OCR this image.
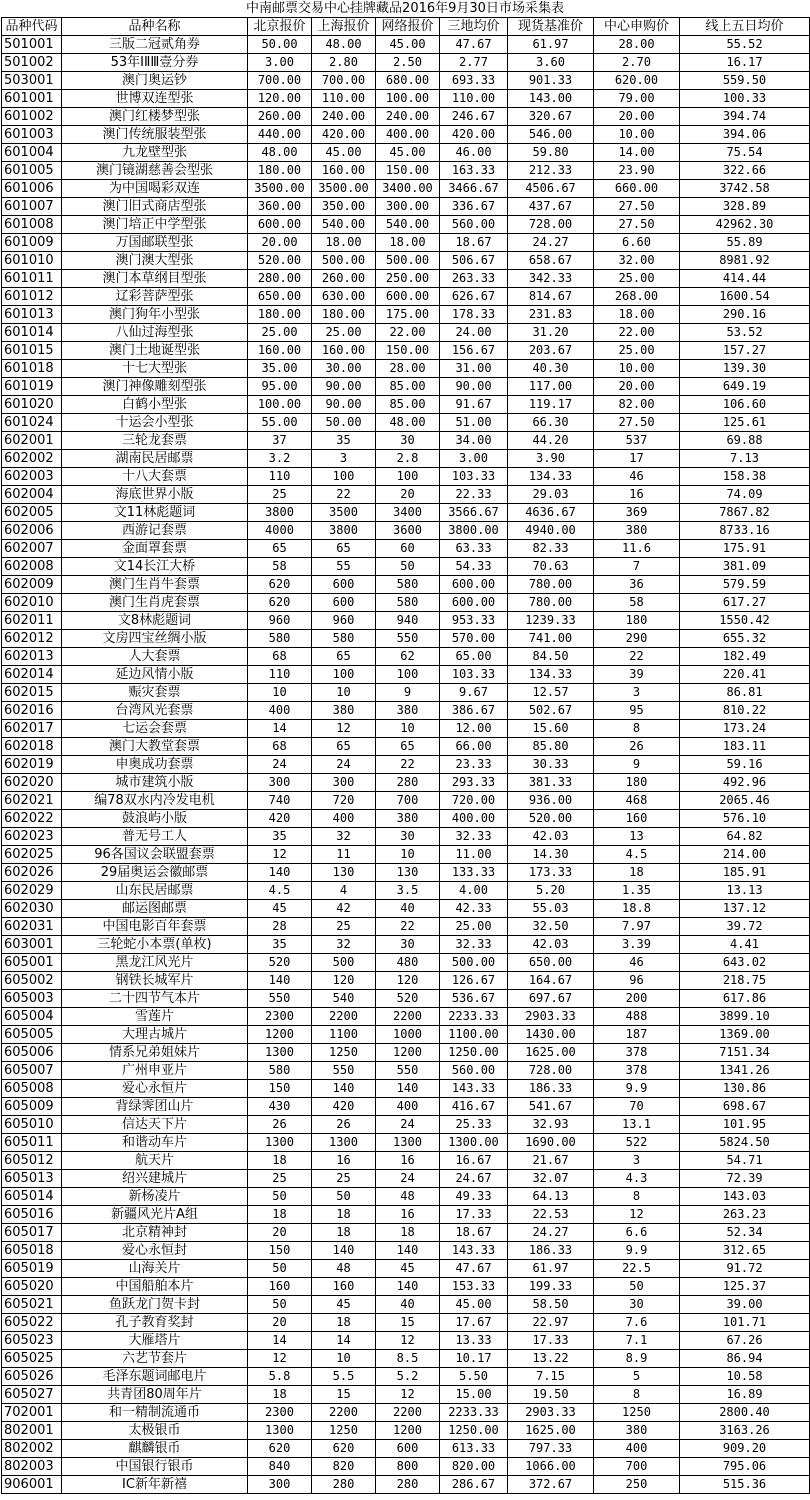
中南邮票交易中心挂牌藏品2016年9月30日市场采集表
品种代码	品种名称	北京报价	上海报价	网络报价	三地均价	现货基准价	中心申购价	线上五日均价
501001	三版二冠贰角券	50.00	48.00	45.00	47.67	61.97	28.00	55.52
501002	53年ⅠⅡⅢ壹分券	3.00	2.80	2.50	2.77	3.60	2.70	16.17
503001	澳门奥运钞	700.00	700.00	680.00	693.33	901.33	620.00	559.50
601001	世博双连型张	120.00	110.00	100.00	110.00	143.00	79.00	100.33
601002	澳门红楼梦型张	260.00	240.00	240.00	246.67	320.67	20.00	394.74
601003	澳门传统服装型张	440.00	420.00	400.00	420.00	546.00	10.00	394.06
601004	九龙壁型张	48.00	45.00	45.00	46.00	59.80	14.00	75.54
601005	澳门镜湖慈善会型张	180.00	160.00	150.00	163.33	212.33	23.90	322.66
601006	为中国喝彩双连	3500.00	3500.00	3400.00	3466.67	4506.67	660.00	3742.58
601007	澳门旧式商店型张	360.00	350.00	300.00	336.67	437.67	27.50	328.89
601008	澳门培正中学型张	600.00	540.00	540.00	560.00	728.00	27.50	42962.30
601009	万国邮联型张	20.00	18.00	18.00	18.67	24.27	6.60	55.89
601010	澳门澳大型张	520.00	500.00	500.00	506.67	658.67	32.00	8981.92
601011	澳门本草纲目型张	280.00	260.00	250.00	263.33	342.33	25.00	414.44
601012	辽彩菩萨型张	650.00	630.00	600.00	626.67	814.67	268.00	1600.54
601013	澳门狗年小型张	180.00	180.00	175.00	178.33	231.83	18.00	290.16
601014	八仙过海型张	25.00	25.00	22.00	24.00	31.20	22.00	53.52
601015	澳门土地诞型张	160.00	160.00	150.00	156.67	203.67	25.00	157.27
601018	十七大型张	35.00	30.00	28.00	31.00	40.30	10.00	139.30
601019	澳门神像雕刻型张	95.00	90.00	85.00	90.00	117.00	20.00	649.19
601020	白鹤小型张	100.00	90.00	85.00	91.67	119.17	82.00	106.60
601024	十运会小型张	55.00	50.00	48.00	51.00	66.30	27.50	125.61
602001	三轮龙套票	37	35	30	34.00	44.20	537	69.88
602002	湖南民居邮票	3.2	3	2.8	3.00	3.90	17	7.13
602003	十八大套票	110	100	100	103.33	134.33	46	158.38
602004	海底世界小版	25	22	20	22.33	29.03	16	74.09
602005	文11林彪题词	3800	3500	3400	3566.67	4636.67	369	7867.82
602006	西游记套票	4000	3800	3600	3800.00	4940.00	380	8733.16
602007	金面罩套票	65	65	60	63.33	82.33	11.6	175.91
602008	文14长江大桥	58	55	50	54.33	70.63	7	381.09
602009	澳门生肖牛套票	620	600	580	600.00	780.00	36	579.59
602010	澳门生肖虎套票	620	600	580	600.00	780.00	58	617.27
602011	文8林彪题词	960	960	940	953.33	1239.33	180	1550.42
602012	文房四宝丝绸小版	580	580	550	570.00	741.00	290	655.32
602013	人大套票	68	65	62	65.00	84.50	22	182.49
602014	延边风情小版	110	100	100	103.33	134.33	39	220.41
602015	赈灾套票	10	10	9	9.67	12.57	3	86.81
602016	台湾风光套票	400	380	380	386.67	502.67	95	810.22
602017	七运会套票	14	12	10	12.00	15.60	8	173.24
602018	澳门大教堂套票	68	65	65	66.00	85.80	26	183.11
602019	申奥成功套票	24	24	22	23.33	30.33	9	59.16
602020	城市建筑小版	300	300	280	293.33	381.33	180	492.96
602021	编78双水内冷发电机	740	720	700	720.00	936.00	468	2065.46
602022	鼓浪屿小版	420	400	380	400.00	520.00	160	576.10
602023	普无号工人	35	32	30	32.33	42.03	13	64.82
602025	96各国议会联盟套票	12	11	10	11.00	14.30	4.5	214.00
602026	29届奥运会徽邮票	140	130	130	133.33	173.33	18	185.91
602029	山东民居邮票	4.5	4	3.5	4.00	5.20	1.35	13.13
602030	邮运图邮票	45	42	40	42.33	55.03	18.8	137.12
602031	中国电影百年套票	28	25	22	25.00	32.50	7.97	39.72
603001	三轮蛇小本票(单枚)	35	32	30	32.33	42.03	3.39	4.41
605001	黑龙江风光片	520	500	480	500.00	650.00	46	643.02
605002	钢铁长城军片	140	120	120	126.67	164.67	96	218.75
605003	二十四节气本片	550	540	520	536.67	697.67	200	617.86
605004	雪莲片	2300	2200	2200	2233.33	2903.33	488	3899.10
605005	大理古城片	1200	1100	1000	1100.00	1430.00	187	1369.00
605006	情系兄弟姐妹片	1300	1250	1200	1250.00	1625.00	378	7151.34
605007	广州申亚片	580	550	550	560.00	728.00	378	1341.26
605008	爱心永恒片	150	140	140	143.33	186.33	9.9	130.86
605009	背绿霁团山片	430	420	400	416.67	541.67	70	698.67
605010	信达天下片	26	26	24	25.33	32.93	13.1	101.95
605011	和谐动车片	1300	1300	1300	1300.00	1690.00	522	5824.50
605012	航天片	18	16	16	16.67	21.67	3	54.71
605013	绍兴建城片	25	25	24	24.67	32.07	4.3	72.39
605014	新杨凌片	50	50	48	49.33	64.13	8	143.03
605016	新疆风光片A组	18	18	16	17.33	22.53	12	263.23
605017	北京精神封	20	18	18	18.67	24.27	6.6	52.34
605018	爱心永恒封	150	140	140	143.33	186.33	9.9	312.65
605019	山海关片	50	48	45	47.67	61.97	22.5	91.72
605020	中国船舶本片	160	160	140	153.33	199.33	50	125.37
605021	鱼跃龙门贺卡封	50	45	40	45.00	58.50	30	39.00
605022	孔子教育奖封	20	18	15	17.67	22.97	7.6	101.71
605023	大雁塔片	14	14	12	13.33	17.33	7.1	67.26
605025	六艺节套片	12	10	8.5	10.17	13.22	8.9	86.94
605026	毛泽东题词邮电片	5.8	5.5	5.2	5.50	7.15	5	10.58
605027	共青团80周年片	18	15	12	15.00	19.50	8	16.89
702001	和一精制流通币	2300	2200	2200	2233.33	2903.33	1250	2800.40
802001	太极银币	1300	1250	1200	1250.00	1625.00	380	3163.26
802002	麒麟银币	620	620	600	613.33	797.33	400	909.20
802003	中国银行银币	840	820	800	820.00	1066.00	700	795.06
906001	IC新年新禧	300	280	280	286.67	372.67	250	515.36
